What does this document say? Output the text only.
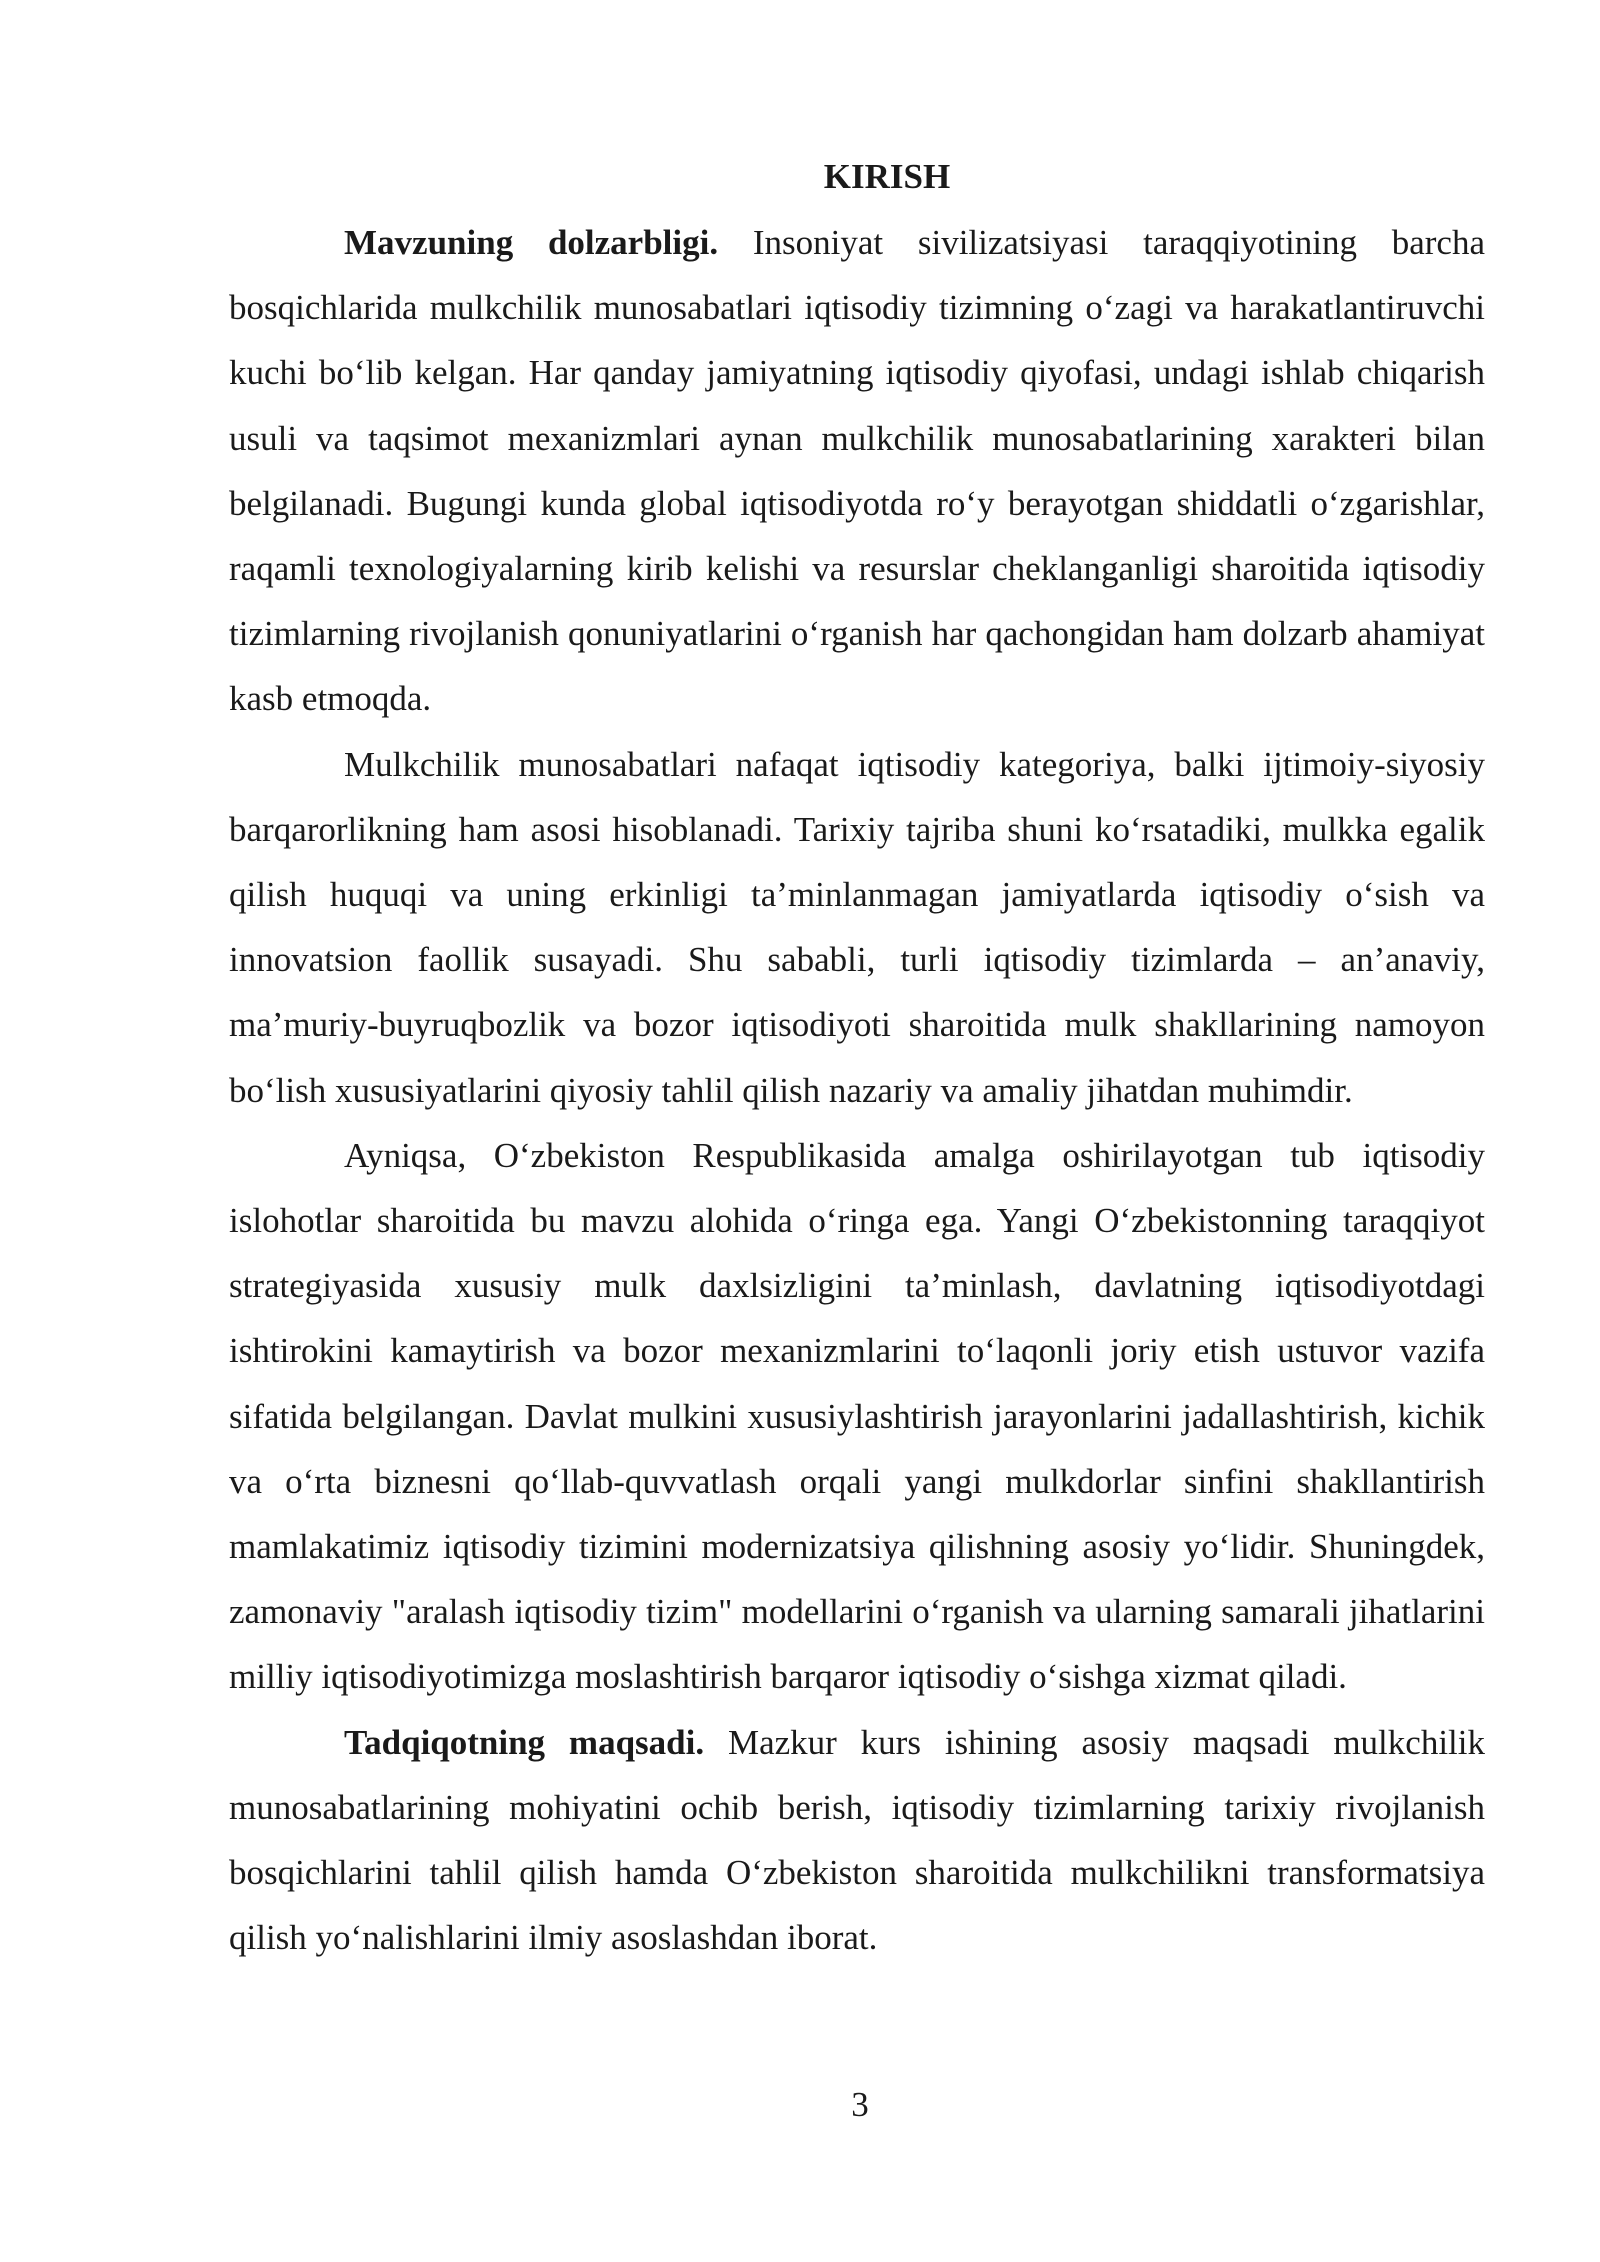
KIRISH

Mavzuning dolzarbligi. Insoniyat sivilizatsiyasi taraqqiyotining barcha bosqichlarida mulkchilik munosabatlari iqtisodiy tizimning o‘zagi va harakatlantiruvchi kuchi bo‘lib kelgan. Har qanday jamiyatning iqtisodiy qiyofasi, undagi ishlab chiqarish usuli va taqsimot mexanizmlari aynan mulkchilik munosabatlarining xarakteri bilan belgilanadi. Bugungi kunda global iqtisodiyotda ro‘y berayotgan shiddatli o‘zgarishlar, raqamli texnologiyalarning kirib kelishi va resurslar cheklanganligi sharoitida iqtisodiy tizimlarning rivojlanish qonuniyatlarini o‘rganish har qachongidan ham dolzarb ahamiyat kasb etmoqda.

Mulkchilik munosabatlari nafaqat iqtisodiy kategoriya, balki ijtimoiy-siyosiy barqarorlikning ham asosi hisoblanadi. Tarixiy tajriba shuni ko‘rsatadiki, mulkka egalik qilish huquqi va uning erkinligi ta’minlanmagan jamiyatlarda iqtisodiy o‘sish va innovatsion faollik susayadi. Shu sababli, turli iqtisodiy tizimlarda – an’anaviy, ma’muriy-buyruqbozlik va bozor iqtisodiyoti sharoitida mulk shakllarining namoyon bo‘lish xususiyatlarini qiyosiy tahlil qilish nazariy va amaliy jihatdan muhimdir.

Ayniqsa, O‘zbekiston Respublikasida amalga oshirilayotgan tub iqtisodiy islohotlar sharoitida bu mavzu alohida o‘ringa ega. Yangi O‘zbekistonning taraqqiyot strategiyasida xususiy mulk daxlsizligini ta’minlash, davlatning iqtisodiyotdagi ishtirokini kamaytirish va bozor mexanizmlarini to‘laqonli joriy etish ustuvor vazifa sifatida belgilangan. Davlat mulkini xususiylashtirish jarayonlarini jadallashtirish, kichik va o‘rta biznesni qo‘llab-quvvatlash orqali yangi mulkdorlar sinfini shakllantirish mamlakatimiz iqtisodiy tizimini modernizatsiya qilishning asosiy yo‘lidir. Shuningdek, zamonaviy "aralash iqtisodiy tizim" modellarini o‘rganish va ularning samarali jihatlarini milliy iqtisodiyotimizga moslashtirish barqaror iqtisodiy o‘sishga xizmat qiladi.

Tadqiqotning maqsadi. Mazkur kurs ishining asosiy maqsadi mulkchilik munosabatlarining mohiyatini ochib berish, iqtisodiy tizimlarning tarixiy rivojlanish bosqichlarini tahlil qilish hamda O‘zbekiston sharoitida mulkchilikni transformatsiya qilish yo‘nalishlarini ilmiy asoslashdan iborat.

3
